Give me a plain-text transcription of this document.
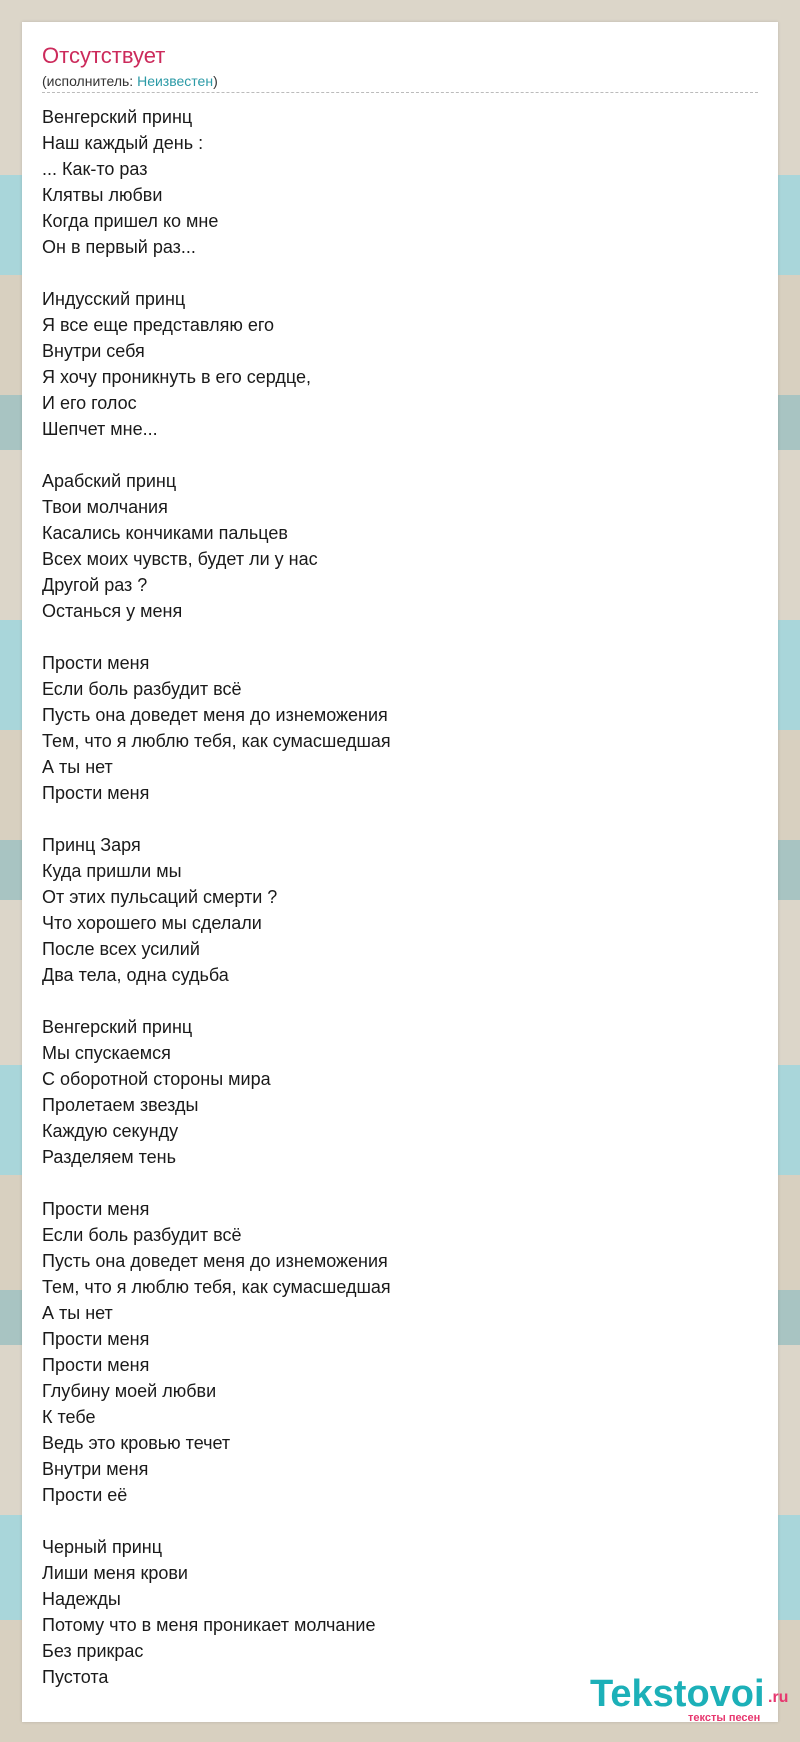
Отсутствует
(исполнитель: Неизвестен)
Венгерский принц
Наш каждый день :
... Как-то раз
Клятвы любви
Когда пришел ко мне
Он в первый раз...
Индусский принц
Я все еще представляю его
Внутри себя
Я хочу проникнуть в его сердце,
И его голос
Шепчет мне...
Арабский принц
Твои молчания
Касались кончиками пальцев
Всех моих чувств, будет ли у нас
Другой раз ?
Останься у меня
Прости меня
Если боль разбудит всё
Пусть она доведет меня до изнеможения
Тем, что я люблю тебя, как сумасшедшая
А ты нет
Прости меня
Принц Заря
Куда пришли мы
От этих пульсаций смерти ?
Что хорошего мы сделали
После всех усилий
Два тела, одна судьба
Венгерский принц
Мы спускаемся
С оборотной стороны мира
Пролетаем звезды
Каждую секунду
Разделяем тень
Прости меня
Если боль разбудит всё
Пусть она доведет меня до изнеможения
Тем, что я люблю тебя, как сумасшедшая
А ты нет
Прости меня
Прости меня
Глубину моей любви
К тебе
Ведь это кровью течет
Внутри меня
Прости её
Черный принц
Лиши меня крови
Надежды
Потому что в меня проникает молчание
Без прикрас
Пустота	Tekstovoi .ru
тексты песен
